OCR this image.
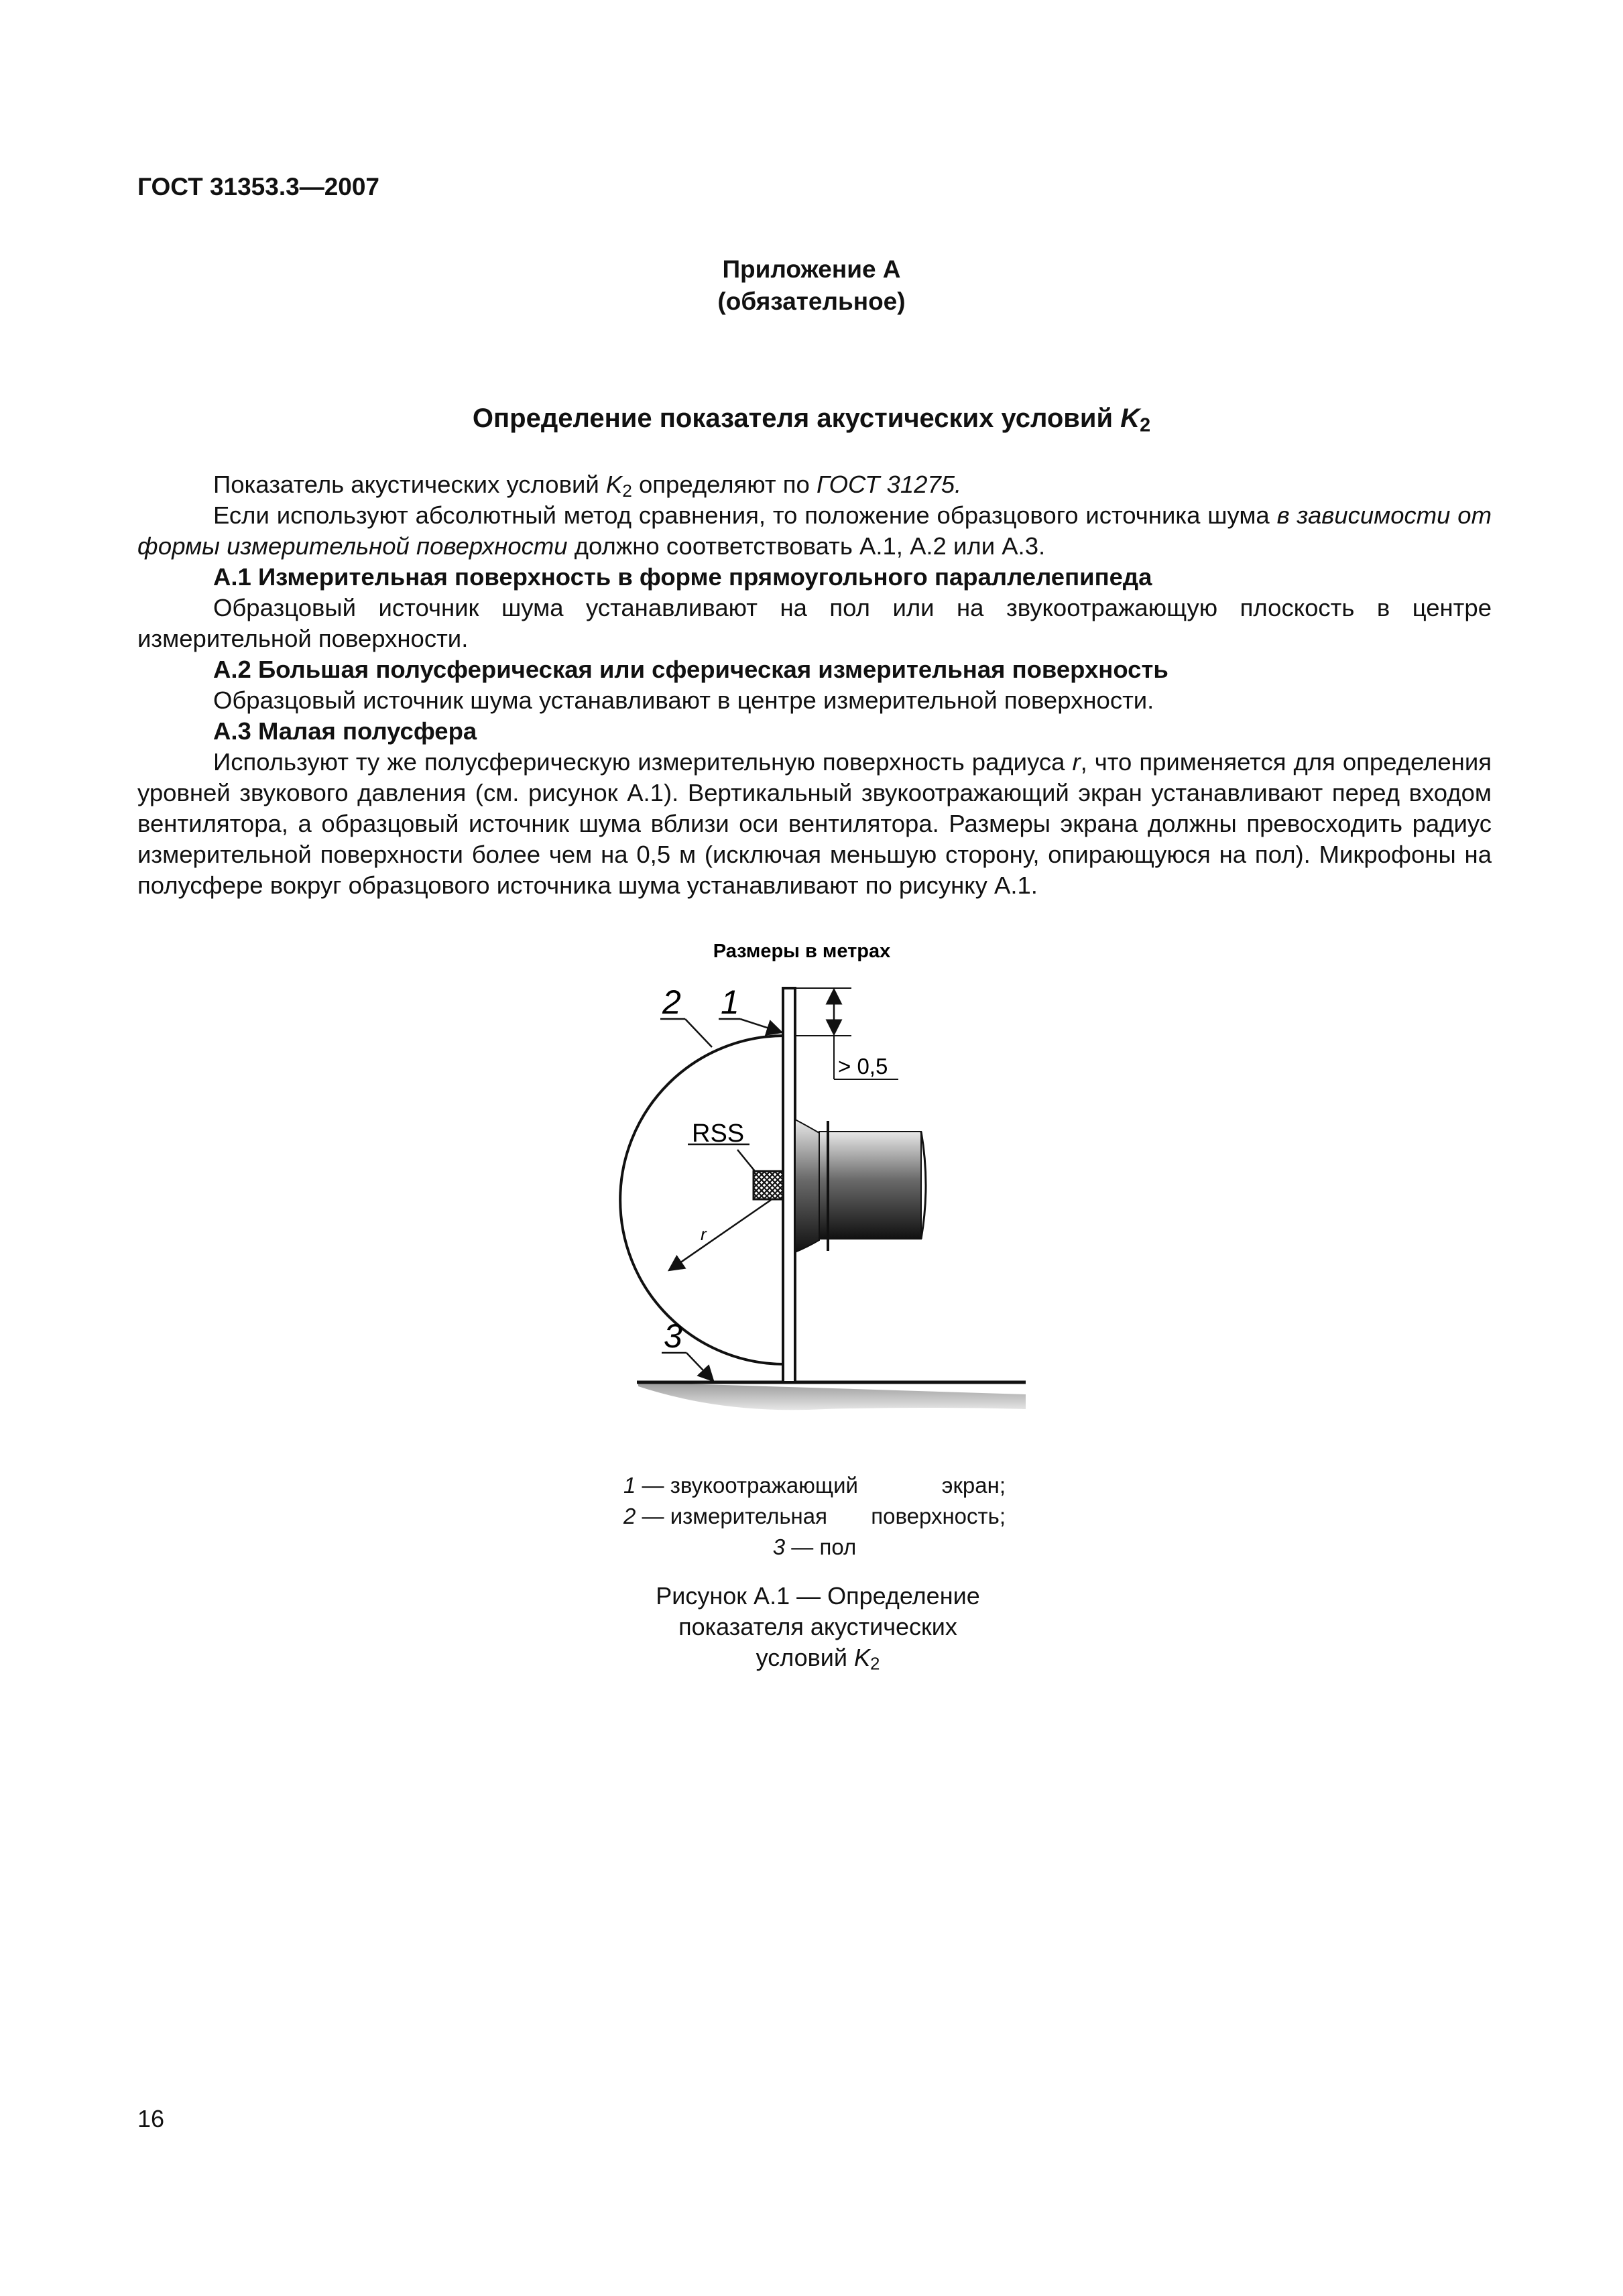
ГОСТ 31353.3—2007
Приложение А
(обязательное)
Определение показателя акустических условий $K_2$

Показатель акустических условий $K_2$ определяют по ГОСТ 31275.

Если используют абсолютный метод сравнения, то положение образцового источника шума в зависимости от формы измерительной поверхности должно соответствовать А.1, А.2 или А.3.

А.1 Измерительная поверхность в форме прямоугольного параллелепипеда

Образцовый источник шума устанавливают на пол или на звукоотражающую плоскость в центре измерительной поверхности.

А.2 Большая полусферическая или сферическая измерительная поверхность

Образцовый источник шума устанавливают в центре измерительной поверхности.

А.3 Малая полусфера

Используют ту же полусферическую измерительную поверхность радиуса r, что применяется для определения уровней звукового давления (см. рисунок А.1). Вертикальный звукоотражающий экран устанавливают перед входом вентилятора, а образцовый источник шума вблизи оси вентилятора. Размеры экрана должны превосходить радиус измерительной поверхности более чем на 0,5 м (исключая меньшую сторону, опирающуюся на пол). Микрофоны на полусфере вокруг образцового источника шума устанавливают по рисунку А.1.

Размеры в метрах
RSS
r
2 1
3
> 0,5
1 — звукоотражающий	экран;
2 — измерительная поверхность;
3 — пол
Рисунок А.1 — Определение
показателя акустических
условий $K_2$
16
